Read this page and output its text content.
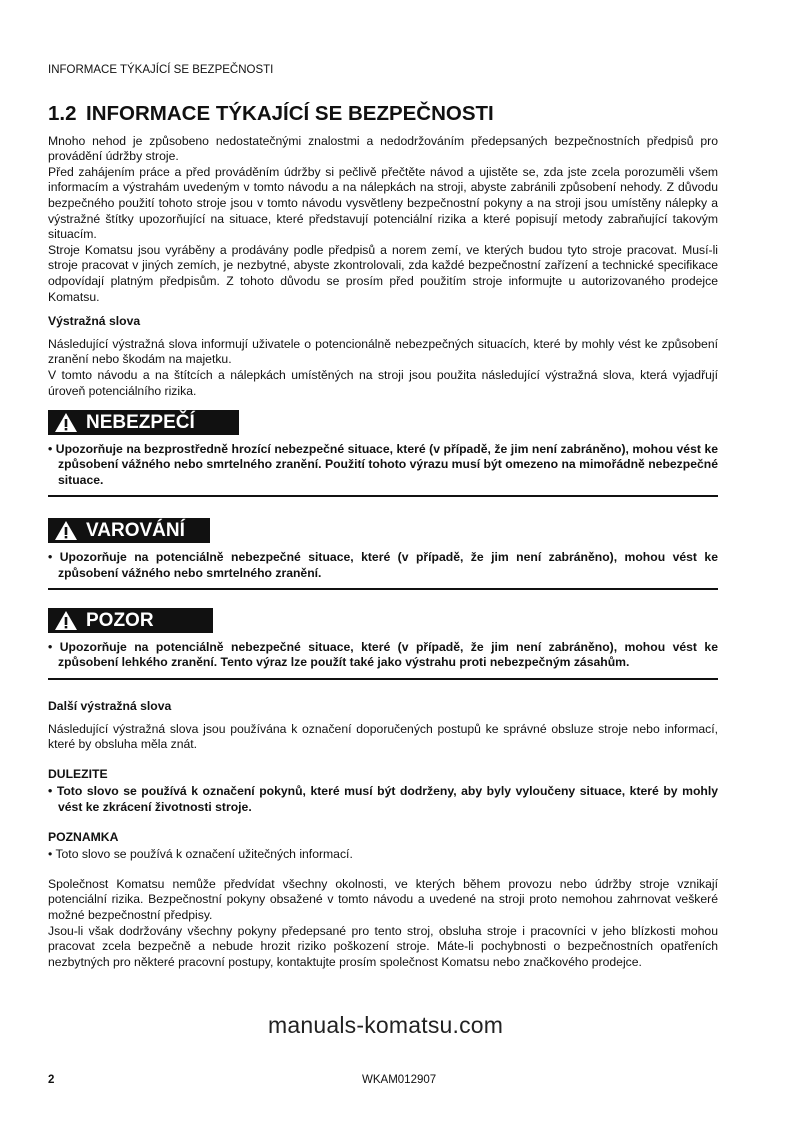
INFORMACE TÝKAJÍCÍ SE BEZPEČNOSTI
1.2 INFORMACE TÝKAJÍCÍ SE BEZPEČNOSTI
Mnoho nehod je způsobeno nedostatečnými znalostmi a nedodržováním předepsaných bezpečnostních předpisů pro provádění údržby stroje.
Před zahájením práce a před prováděním údržby si pečlivě přečtěte návod a ujistěte se, zda jste zcela porozuměli všem informacím a výstrahám uvedeným v tomto návodu a na nálepkách na stroji, abyste zabránili způsobení nehody. Z důvodu bezpečného použití tohoto stroje jsou v tomto návodu vysvětleny bezpečnostní pokyny a na stroji jsou umístěny nálepky a výstražné štítky upozorňující na situace, které představují potenciální rizika a které popisují metody zabraňující takovým situacím.
Stroje Komatsu jsou vyráběny a prodávány podle předpisů a norem zemí, ve kterých budou tyto stroje pracovat. Musí-li stroje pracovat v jiných zemích, je nezbytné, abyste zkontrolovali, zda každé bezpečnostní zařízení a technické specifikace odpovídají platným předpisům. Z tohoto důvodu se prosím před použitím stroje informujte u autorizovaného prodejce Komatsu.
Výstražná slova
Následující výstražná slova informují uživatele o potencionálně nebezpečných situacích, které by mohly vést ke způsobení zranění nebo škodám na majetku.
V tomto návodu a na štítcích a nálepkách umístěných na stroji jsou použita následující výstražná slova, která vyjadřují úroveň potenciálního rizika.
NEBEZPEČÍ
• Upozorňuje na bezprostředně hrozící nebezpečné situace, které (v případě, že jim není zabráněno), mohou vést ke způsobení vážného nebo smrtelného zranění. Použití tohoto výrazu musí být omezeno na mimořádně nebezpečné situace.
VAROVÁNÍ
• Upozorňuje na potenciálně nebezpečné situace, které (v případě, že jim není zabráněno), mohou vést ke způsobení vážného nebo smrtelného zranění.
POZOR
• Upozorňuje na potenciálně nebezpečné situace, které (v případě, že jim není zabráněno), mohou vést ke způsobení lehkého zranění. Tento výraz lze použít také jako výstrahu proti nebezpečným zásahům.
Další výstražná slova
Následující výstražná slova jsou používána k označení doporučených postupů ke správné obsluze stroje nebo informací, které by obsluha měla znát.
DULEZITE
• Toto slovo se používá k označení pokynů, které musí být dodrženy, aby byly vyloučeny situace, které by mohly vést ke zkrácení životnosti stroje.
POZNAMKA
• Toto slovo se používá k označení užitečných informací.
Společnost Komatsu nemůže předvídat všechny okolnosti, ve kterých během provozu nebo údržby stroje vznikají potenciální rizika. Bezpečnostní pokyny obsažené v tomto návodu a uvedené na stroji proto nemohou zahrnovat veškeré možné bezpečnostní předpisy.
Jsou-li však dodržovány všechny pokyny předepsané pro tento stroj, obsluha stroje i pracovníci v jeho blízkosti mohou pracovat zcela bezpečně a nebude hrozit riziko poškození stroje. Máte-li pochybnosti o bezpečnostních opatřeních nezbytných pro některé pracovní postupy, kontaktujte prosím společnost Komatsu nebo značkového prodejce.
manuals-komatsu.com
2	WKAM012907
